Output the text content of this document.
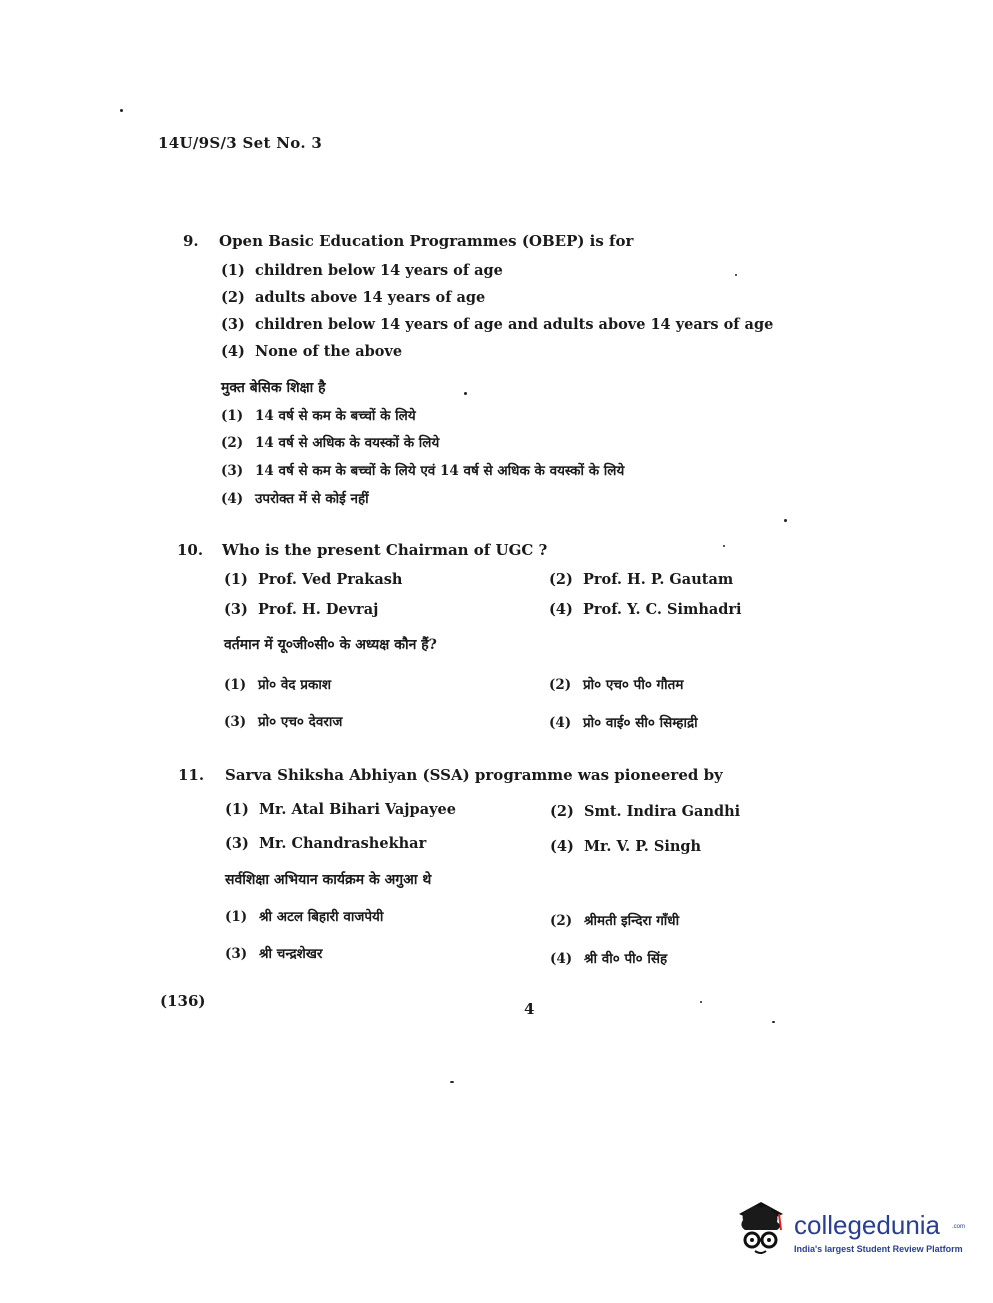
14U/9S/3 Set No. 3
9. Open Basic Education Programmes (OBEP) is for
(1) children below 14 years of age
(2) adults above 14 years of age
(3) children below 14 years of age and adults above 14 years of age
(4) None of the above
मुक्त बेसिक शिक्षा है
(1) 14 वर्ष से कम के बच्चों के लिये
(2) 14 वर्ष से अधिक के वयस्कों के लिये
(3) 14 वर्ष से कम के बच्चों के लिये एवं 14 वर्ष से अधिक के वयस्कों के लिये
(4) उपरोक्त में से कोई नहीं
10. Who is the present Chairman of UGC ?
(1) Prof. Ved Prakash	(2) Prof. H. P. Gautam
(3) Prof. H. Devraj	(4) Prof. Y. C. Simhadri
वर्तमान में यू०जी०सी० के अध्यक्ष कौन हैं?
(1) प्रो० वेद प्रकाश	(2) प्रो० एच० पी० गौतम
(3) प्रो० एच० देवराज	(4) प्रो० वाई० सी० सिम्हाद्री
11. Sarva Shiksha Abhiyan (SSA) programme was pioneered by
(1) Mr. Atal Bihari Vajpayee	(2) Smt. Indira Gandhi
(3) Mr. Chandrashekhar	(4) Mr. V. P. Singh
सर्वशिक्षा अभियान कार्यक्रम के अगुआ थे
(1) श्री अटल बिहारी वाजपेयी	(2) श्रीमती इन्दिरा गाँधी
(3) श्री चन्द्रशेखर	(4) श्री वी० पी० सिंह
(136)	4
collegedunia .com
India's largest Student Review Platform
